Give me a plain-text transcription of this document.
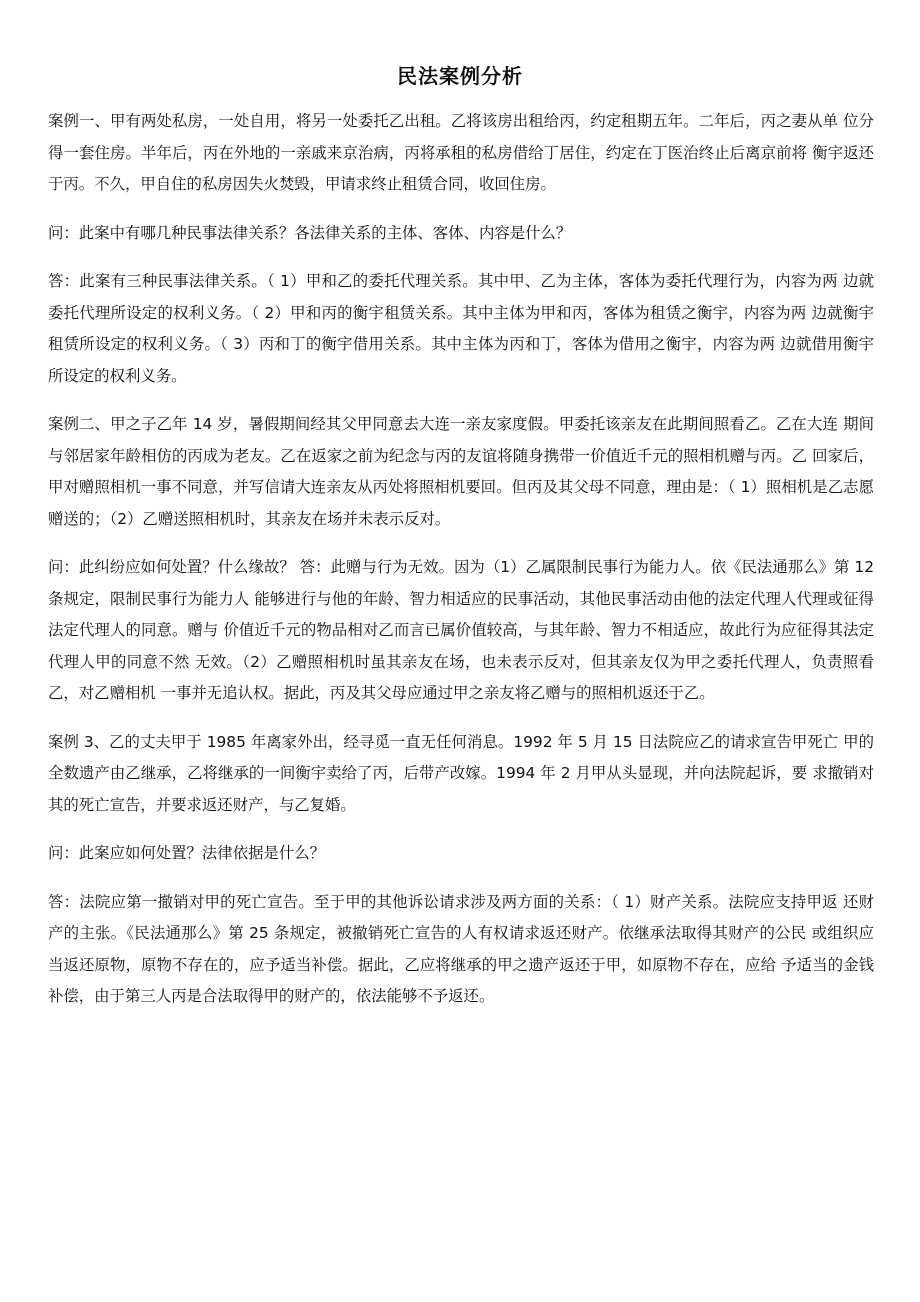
民法案例分析

案例一、甲有两处私房，一处自用，将另一处委托乙出租。乙将该房出租给丙，约定租期五年。二年后，丙之妻从单 位分得一套住房。半年后，丙在外地的一亲戚来京治病，丙将承租的私房借给丁居住，约定在丁医治终止后离京前将 衡宇返还于丙。不久，甲自住的私房因失火焚毁，甲请求终止租赁合同，收回住房。

问：此案中有哪几种民事法律关系？各法律关系的主体、客体、内容是什么？

答：此案有三种民事法律关系。（ 1）甲和乙的委托代理关系。其中甲、乙为主体，客体为委托代理行为，内容为两 边就委托代理所设定的权利义务。（ 2）甲和丙的衡宇租赁关系。其中主体为甲和丙，客体为租赁之衡宇，内容为两 边就衡宇租赁所设定的权利义务。（ 3）丙和丁的衡宇借用关系。其中主体为丙和丁，客体为借用之衡宇，内容为两 边就借用衡宇所设定的权利义务。

案例二、甲之子乙年 14 岁，暑假期间经其父甲同意去大连一亲友家度假。甲委托该亲友在此期间照看乙。乙在大连 期间与邻居家年龄相仿的丙成为老友。乙在返家之前为纪念与丙的友谊将随身携带一价值近千元的照相机赠与丙。乙 回家后，甲对赠照相机一事不同意，并写信请大连亲友从丙处将照相机要回。但丙及其父母不同意，理由是：（ 1）照相机是乙志愿赠送的；（2）乙赠送照相机时，其亲友在场并未表示反对。

问：此纠纷应如何处置？什么缘故？ 答：此赠与行为无效。因为（1）乙属限制民事行为能力人。依《民法通那么》第 12 条规定，限制民事行为能力人 能够进行与他的年龄、智力相适应的民事活动，其他民事活动由他的法定代理人代理或征得法定代理人的同意。赠与 价值近千元的物品相对乙而言已属价值较高，与其年龄、智力不相适应，故此行为应征得其法定代理人甲的同意不然 无效。（2）乙赠照相机时虽其亲友在场，也未表示反对，但其亲友仅为甲之委托代理人，负责照看乙，对乙赠相机 一事并无追认权。据此，丙及其父母应通过甲之亲友将乙赠与的照相机返还于乙。

案例 3、乙的丈夫甲于 1985 年离家外出，经寻觅一直无任何消息。1992 年 5 月 15 日法院应乙的请求宣告甲死亡 甲的全数遗产由乙继承，乙将继承的一间衡宇卖给了丙，后带产改嫁。1994 年 2 月甲从头显现，并向法院起诉，要 求撤销对其的死亡宣告，并要求返还财产，与乙复婚。

问：此案应如何处置？法律依据是什么？

答：法院应第一撤销对甲的死亡宣告。至于甲的其他诉讼请求涉及两方面的关系：（ 1）财产关系。法院应支持甲返 还财产的主张。《民法通那么》第 25 条规定，被撤销死亡宣告的人有权请求返还财产。依继承法取得其财产的公民 或组织应当返还原物，原物不存在的，应予适当补偿。据此，乙应将继承的甲之遗产返还于甲，如原物不存在，应给 予适当的金钱补偿，由于第三人丙是合法取得甲的财产的，依法能够不予返还。
